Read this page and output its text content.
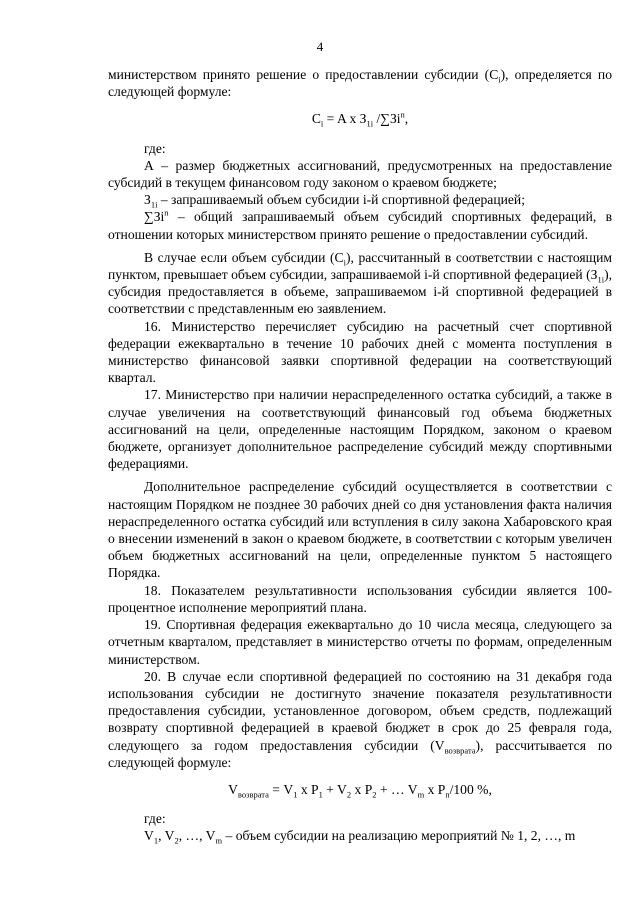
4

министерством принято решение о предоставлении субсидии $(C_i)$, определяется по следующей формуле:

$C_i = A$ x $З_{1i}$ $/\sum Зi^n$,

где:

А – размер бюджетных ассигнований, предусмотренных на предоставление субсидий в текущем финансовом году законом о краевом бюджете;

$З_{1i}$ – запрашиваемый объем субсидии i-й спортивной федерацией;

$\sum Зi^n$ – общий запрашиваемый объем субсидий спортивных федераций, в отношении которых министерством принято решение о предоставлении субсидий.

В случае если объем субсидии $(C_i)$, рассчитанный в соответствии с настоящим пунктом, превышает объем субсидии, запрашиваемой i-й спортивной федерацией $(З_{1i})$, субсидия предоставляется в объеме, запрашиваемом i-й спортивной федерацией в соответствии с представленным ею заявлением.

16. Министерство перечисляет субсидию на расчетный счет спортивной федерации ежеквартально в течение 10 рабочих дней с момента поступления в министерство финансовой заявки спортивной федерации на соответствующий квартал.

17. Министерство при наличии нераспределенного остатка субсидий, а также в случае увеличения на соответствующий финансовый год объема бюджетных ассигнований на цели, определенные настоящим Порядком, законом о краевом бюджете, организует дополнительное распределение субсидий между спортивными федерациями.

Дополнительное распределение субсидий осуществляется в соответствии с настоящим Порядком не позднее 30 рабочих дней со дня установления факта наличия нераспределенного остатка субсидий или вступления в силу закона Хабаровского края о внесении изменений в закон о краевом бюджете, в соответствии с которым увеличен объем бюджетных ассигнований на цели, определенные пунктом 5 настоящего Порядка.

18. Показателем результативности использования субсидии является 100-процентное исполнение мероприятий плана.

19. Спортивная федерация ежеквартально до 10 числа месяца, следующего за отчетным кварталом, представляет в министерство отчеты по формам, определенным министерством.

20. В случае если спортивной федерацией по состоянию на 31 декабря года использования субсидии не достигнуто значение показателя результативности предоставления субсидии, установленное договором, объем средств, подлежащий возврату спортивной федерацией в краевой бюджет в срок до 25 февраля года, следующего за годом предоставления субсидии $(V_{возврата})$, рассчитывается по следующей формуле:

$V_{возврата} = V_1$ x $P_1 + V_2$ x $P_2$ + … $V_m$ x $P_n/100$ %,

где:

$V_1$, $V_2$, …, $V_m$ – объем субсидии на реализацию мероприятий № 1, 2, …, m
